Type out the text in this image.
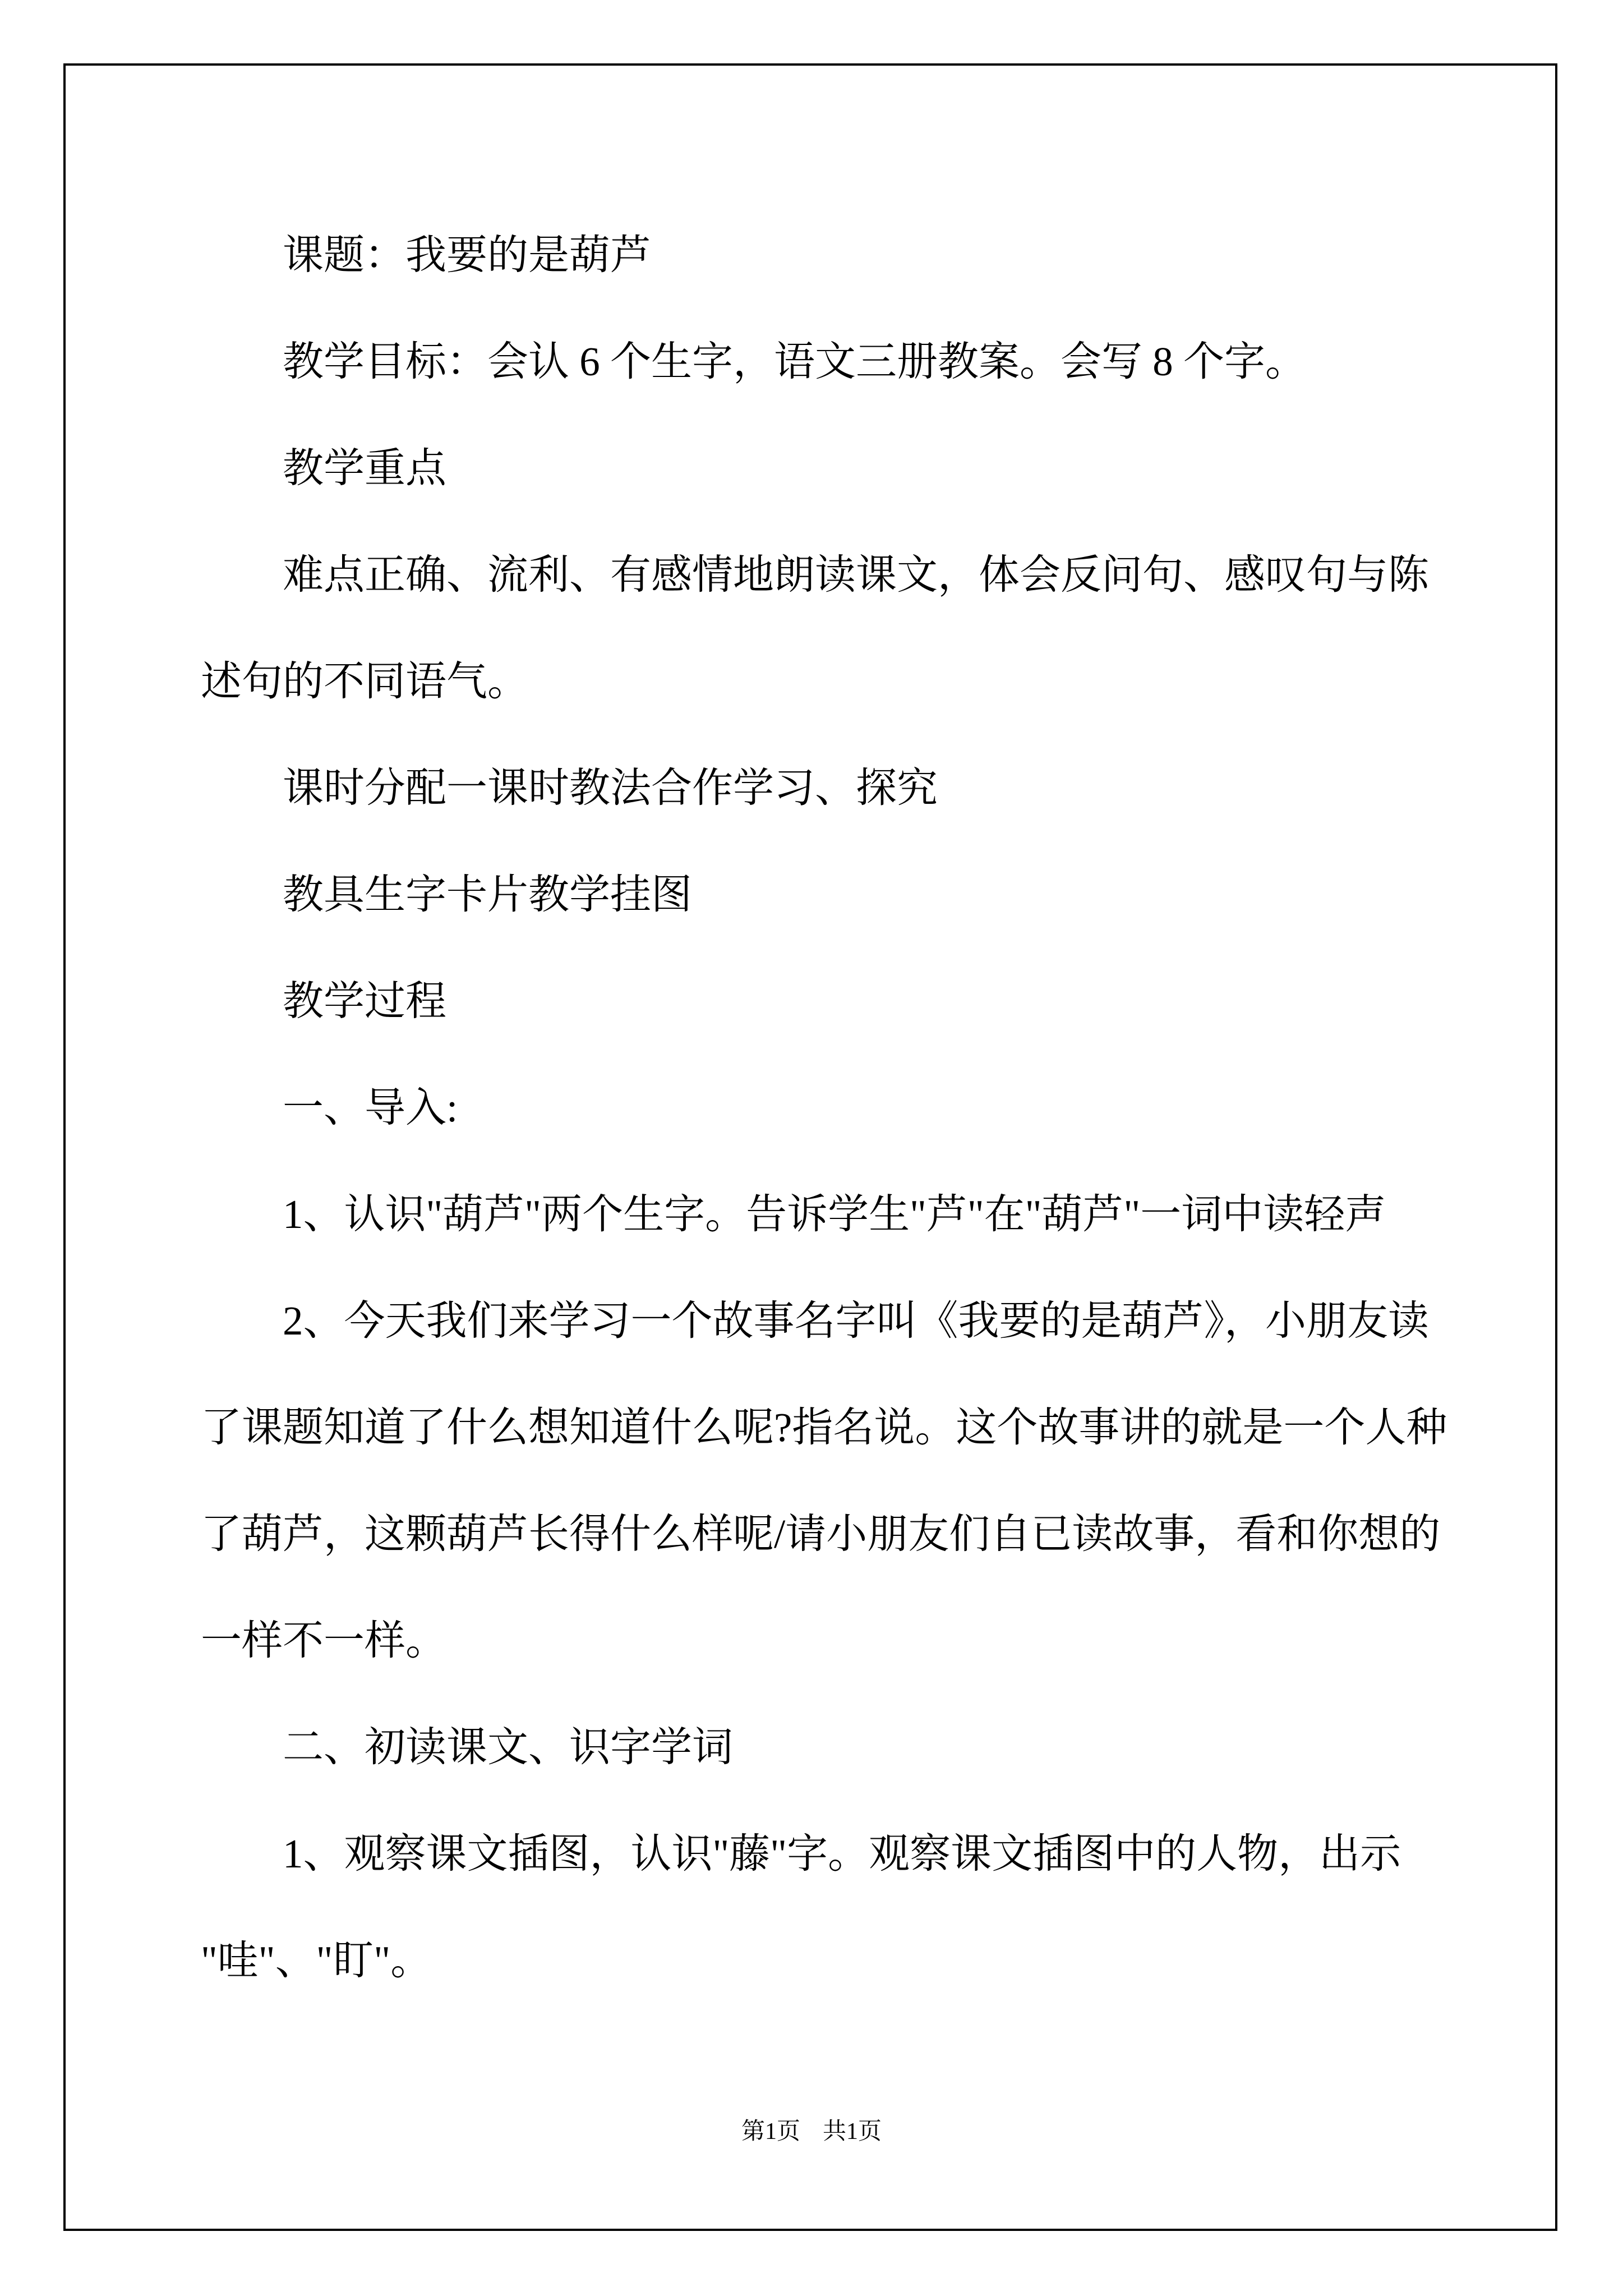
课题：我要的是葫芦
教学目标：会认 6 个生字，语文三册教案。会写 8 个字。
教学重点
难点正确、流利、有感情地朗读课文，体会反问句、感叹句与陈
述句的不同语气。
课时分配一课时教法合作学习、探究
教具生字卡片教学挂图
教学过程
一、导入:
1、认识"葫芦"两个生字。告诉学生"芦"在"葫芦"一词中读轻声
2、今天我们来学习一个故事名字叫《我要的是葫芦》，小朋友读
了课题知道了什么想知道什么呢?指名说。这个故事讲的就是一个人种
了葫芦，这颗葫芦长得什么样呢/请小朋友们自已读故事，看和你想的
一样不一样。
二、初读课文、识字学词
1、观察课文插图，认识"藤"字。观察课文插图中的人物，出示
"哇"、"盯"。
第1页 共1页
